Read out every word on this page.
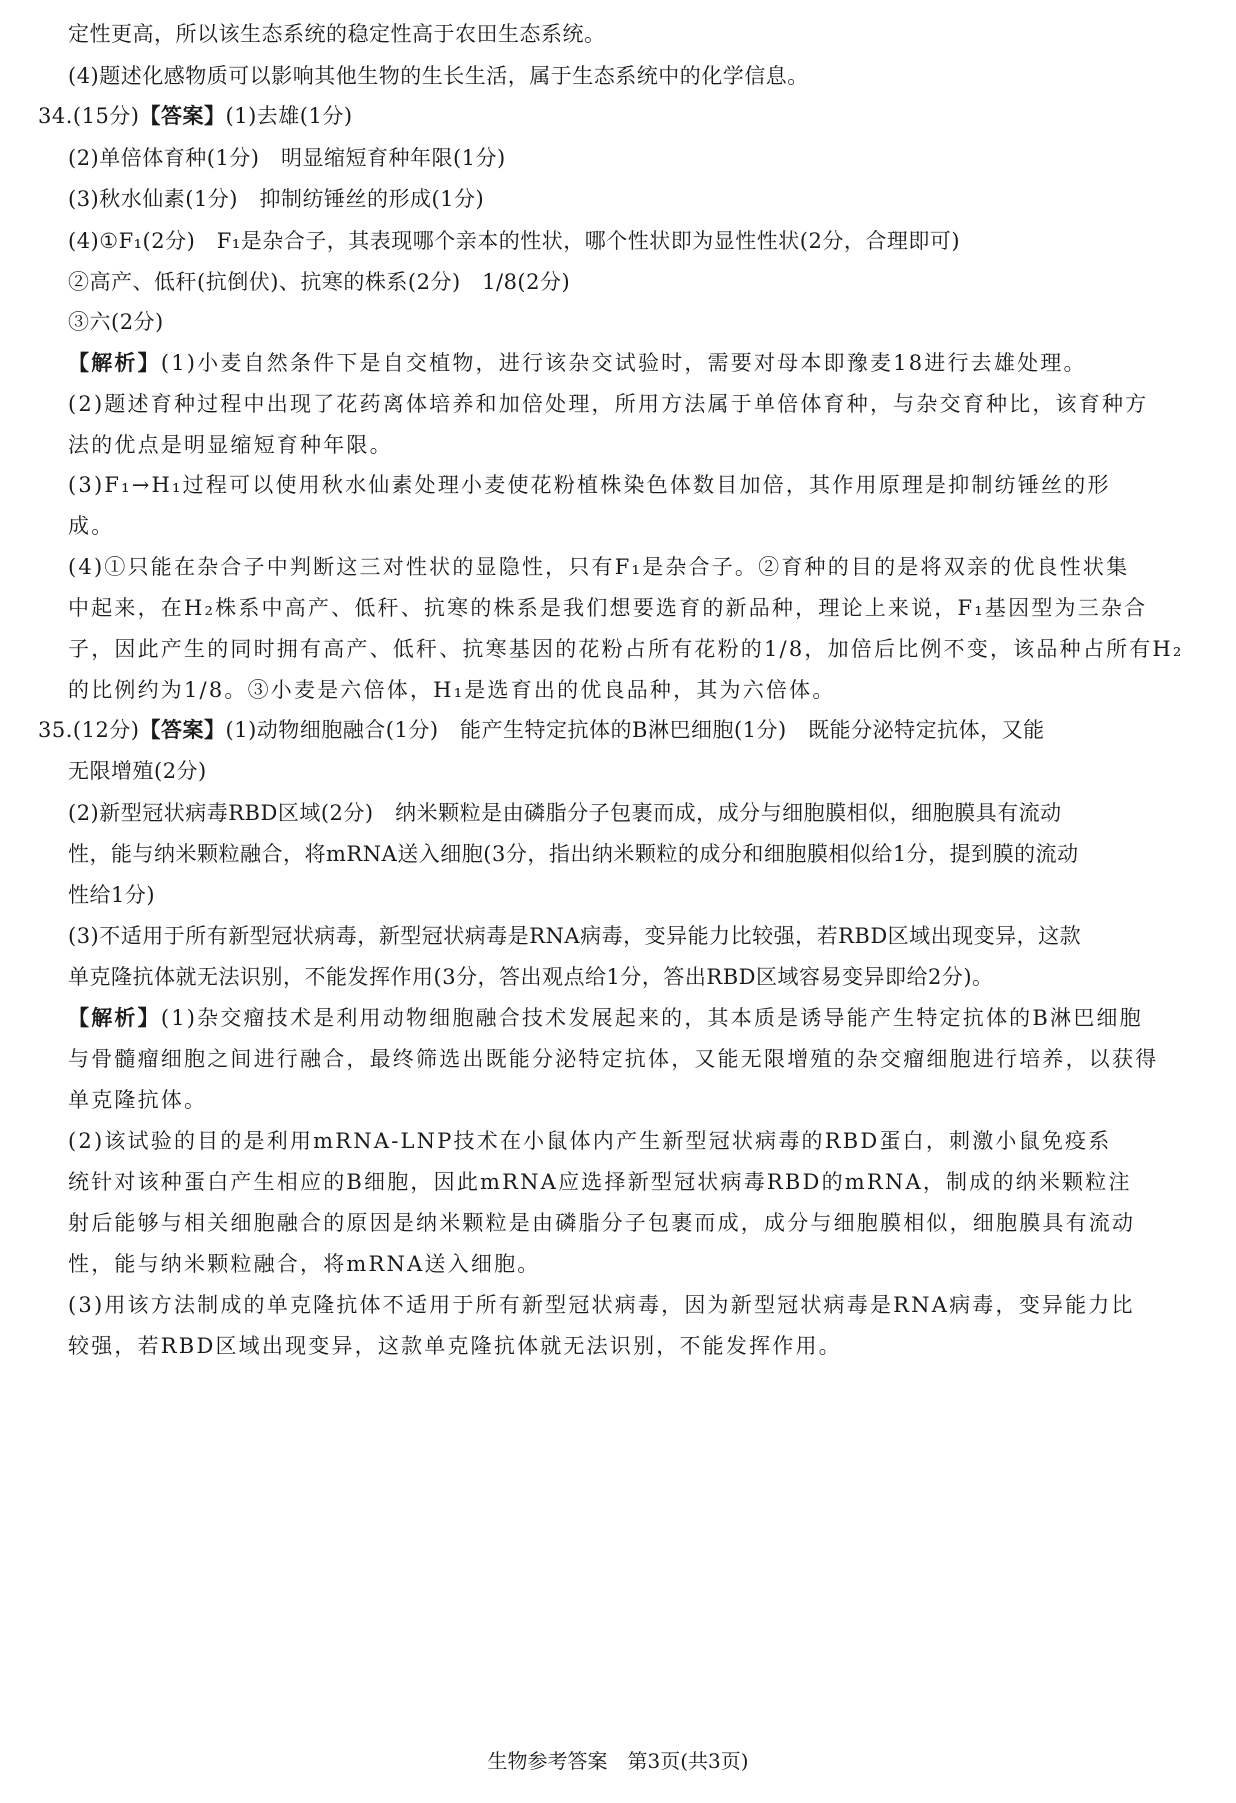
定性更高，所以该生态系统的稳定性高于农田生态系统。
(4)题述化感物质可以影响其他生物的生长生活，属于生态系统中的化学信息。
34.(15分)【答案】(1)去雄(1分)
(2)单倍体育种(1分)　明显缩短育种年限(1分)
(3)秋水仙素(1分)　抑制纺锤丝的形成(1分)
(4)①F₁(2分)　F₁是杂合子，其表现哪个亲本的性状，哪个性状即为显性性状(2分，合理即可)
②高产、低秆(抗倒伏)、抗寒的株系(2分)　1/8(2分)
③六(2分)
【解析】(1)小麦自然条件下是自交植物，进行该杂交试验时，需要对母本即豫麦18进行去雄处理。
(2)题述育种过程中出现了花药离体培养和加倍处理，所用方法属于单倍体育种，与杂交育种比，该育种方
法的优点是明显缩短育种年限。
(3)F₁→H₁过程可以使用秋水仙素处理小麦使花粉植株染色体数目加倍，其作用原理是抑制纺锤丝的形
成。
(4)①只能在杂合子中判断这三对性状的显隐性，只有F₁是杂合子。②育种的目的是将双亲的优良性状集
中起来，在H₂株系中高产、低秆、抗寒的株系是我们想要选育的新品种，理论上来说，F₁基因型为三杂合
子，因此产生的同时拥有高产、低秆、抗寒基因的花粉占所有花粉的1/8，加倍后比例不变，该品种占所有H₂
的比例约为1/8。③小麦是六倍体，H₁是选育出的优良品种，其为六倍体。
35.(12分)【答案】(1)动物细胞融合(1分)　能产生特定抗体的B淋巴细胞(1分)　既能分泌特定抗体，又能
无限增殖(2分)
(2)新型冠状病毒RBD区域(2分)　纳米颗粒是由磷脂分子包裹而成，成分与细胞膜相似，细胞膜具有流动
性，能与纳米颗粒融合，将mRNA送入细胞(3分，指出纳米颗粒的成分和细胞膜相似给1分，提到膜的流动
性给1分)
(3)不适用于所有新型冠状病毒，新型冠状病毒是RNA病毒，变异能力比较强，若RBD区域出现变异，这款
单克隆抗体就无法识别，不能发挥作用(3分，答出观点给1分，答出RBD区域容易变异即给2分)。
【解析】(1)杂交瘤技术是利用动物细胞融合技术发展起来的，其本质是诱导能产生特定抗体的B淋巴细胞
与骨髓瘤细胞之间进行融合，最终筛选出既能分泌特定抗体，又能无限增殖的杂交瘤细胞进行培养，以获得
单克隆抗体。
(2)该试验的目的是利用mRNA-LNP技术在小鼠体内产生新型冠状病毒的RBD蛋白，刺激小鼠免疫系
统针对该种蛋白产生相应的B细胞，因此mRNA应选择新型冠状病毒RBD的mRNA，制成的纳米颗粒注
射后能够与相关细胞融合的原因是纳米颗粒是由磷脂分子包裹而成，成分与细胞膜相似，细胞膜具有流动
性，能与纳米颗粒融合，将mRNA送入细胞。
(3)用该方法制成的单克隆抗体不适用于所有新型冠状病毒，因为新型冠状病毒是RNA病毒，变异能力比
较强，若RBD区域出现变异，这款单克隆抗体就无法识别，不能发挥作用。
生物参考答案　第3页(共3页)
